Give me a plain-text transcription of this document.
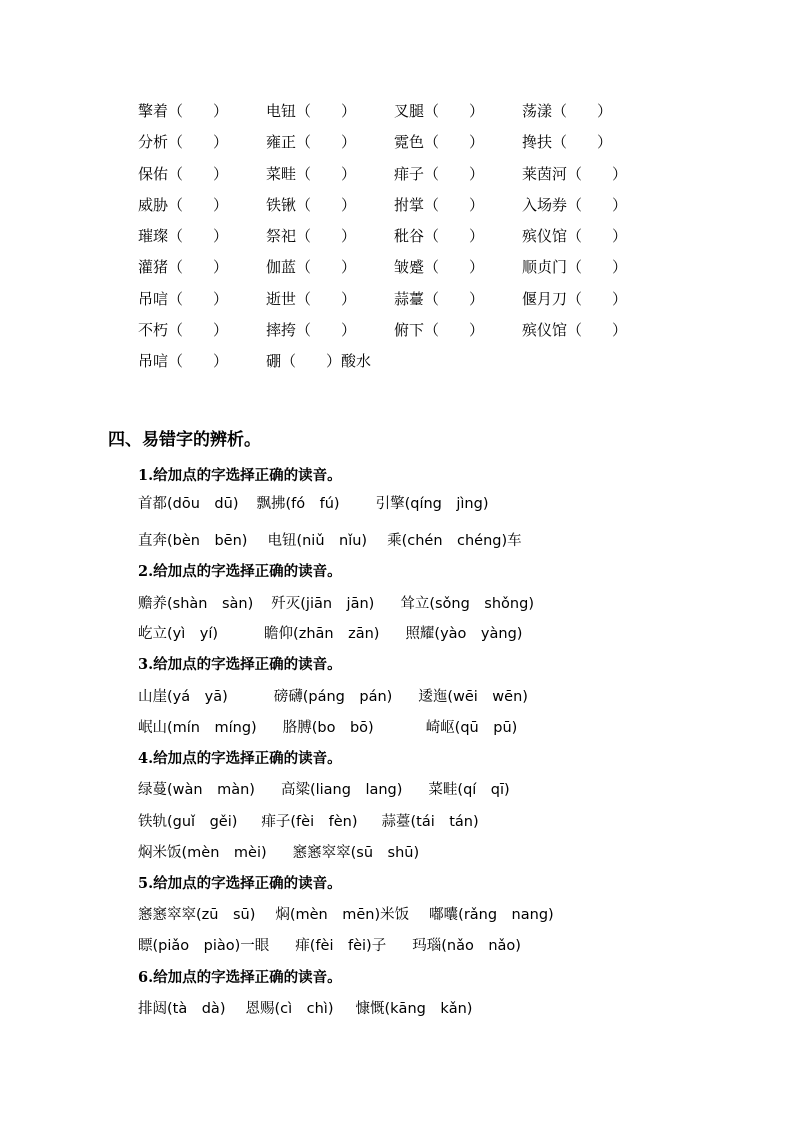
擎着（　　）	电钮（　　）	叉腿（　　）	荡漾（　　）
分析（　　）	雍正（　　）	霓色（　　）	搀扶（　　）
保佑（　　）	菜畦（　　）	痱子（　　）	莱茵河（　　）
威胁（　　）	铁锹（　　）	拊掌（　　）	入场券（　　）
璀璨（　　）	祭祀（　　）	秕谷（　　）	殡仪馆（　　）
灌猪（　　）	伽蓝（　　）	皱蹙（　　）	顺贞门（　　）
吊唁（　　）	逝世（　　）	蒜薹（　　）	偃月刀（　　）
不朽（　　）	摔挎（　　）	俯下（　　）	殡仪馆（　　）
吊唁（　　）	硼（　　）酸水
四、易错字的辨析。
1.给加点的字选择正确的读音。
首都(dōu　dū) 飘拂(fó　fú) 引擎(qíng　jìng)
直奔(bèn　bēn) 电钮(niǔ　nǐu) 乘(chén　chéng)车
2.给加点的字选择正确的读音。
赡养(shàn　sàn) 歼灭(jiān　jān) 耸立(sǒng　shǒng)
屹立(yì　yí)	瞻仰(zhān　zān) 照耀(yào　yàng)
3.给加点的字选择正确的读音。
山崖(yá　yā)	磅礴(páng　pán) 逶迤(wēi　wēn)
岷山(mín　míng) 胳膊(bo　bō)	崎岖(qū　pū)
4.给加点的字选择正确的读音。
绿蔓(wàn　màn) 高粱(liang　lang) 菜畦(qí　qī)
铁轨(guǐ　gěi) 痱子(fèi　fèn) 蒜薹(tái　tán)
焖米饭(mèn　mèi) 窸窸窣窣(sū　shū)
5.给加点的字选择正确的读音。
窸窸窣窣(zū　sū) 焖(mèn　mēn)米饭 嘟囔(rǎng　nang)
瞟(piǎo　piào)一眼 痱(fèi　fèi)子 玛瑙(nǎo　nǎo)
6.给加点的字选择正确的读音。
排闼(tà　dà) 恩赐(cì　chì) 慷慨(kāng　kǎn)
